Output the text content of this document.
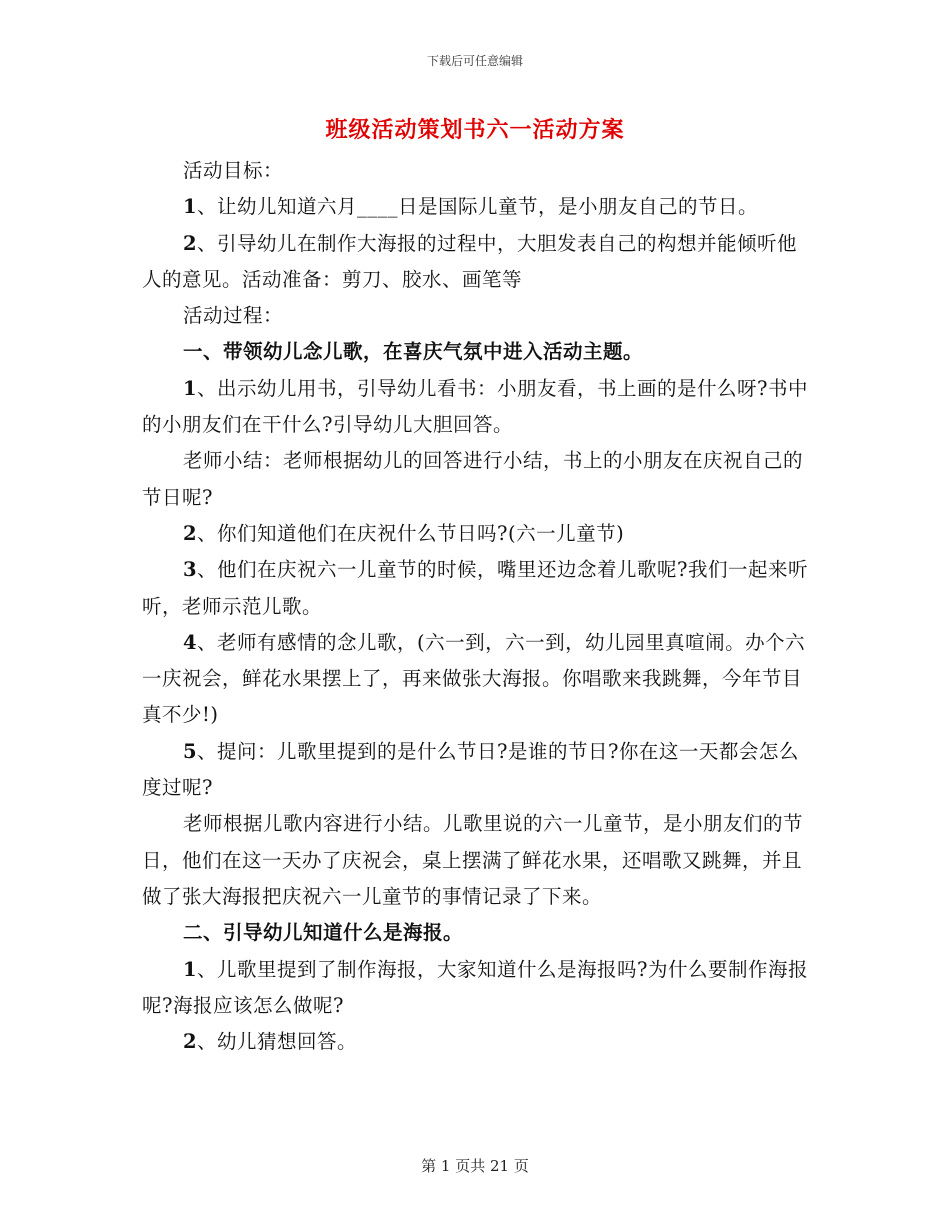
下载后可任意编辑
班级活动策划书六一活动方案

活动目标：

1、让幼儿知道六月____日是国际儿童节，是小朋友自己的节日。

2、引导幼儿在制作大海报的过程中，大胆发表自己的构想并能倾听他人的意见。活动准备：剪刀、胶水、画笔等

活动过程：

一、带领幼儿念儿歌，在喜庆气氛中进入活动主题。

1、出示幼儿用书，引导幼儿看书：小朋友看，书上画的是什么呀?书中的小朋友们在干什么?引导幼儿大胆回答。

老师小结：老师根据幼儿的回答进行小结，书上的小朋友在庆祝自己的节日呢?

2、你们知道他们在庆祝什么节日吗?(六一儿童节)

3、他们在庆祝六一儿童节的时候，嘴里还边念着儿歌呢?我们一起来听听，老师示范儿歌。

4、老师有感情的念儿歌，(六一到，六一到，幼儿园里真喧闹。办个六一庆祝会，鲜花水果摆上了，再来做张大海报。你唱歌来我跳舞，今年节目真不少!)

5、提问：儿歌里提到的是什么节日?是谁的节日?你在这一天都会怎么度过呢?

老师根据儿歌内容进行小结。儿歌里说的六一儿童节，是小朋友们的节日，他们在这一天办了庆祝会，桌上摆满了鲜花水果，还唱歌又跳舞，并且做了张大海报把庆祝六一儿童节的事情记录了下来。

二、引导幼儿知道什么是海报。

1、儿歌里提到了制作海报，大家知道什么是海报吗?为什么要制作海报呢?海报应该怎么做呢?

2、幼儿猜想回答。

第 1 页共 21 页
